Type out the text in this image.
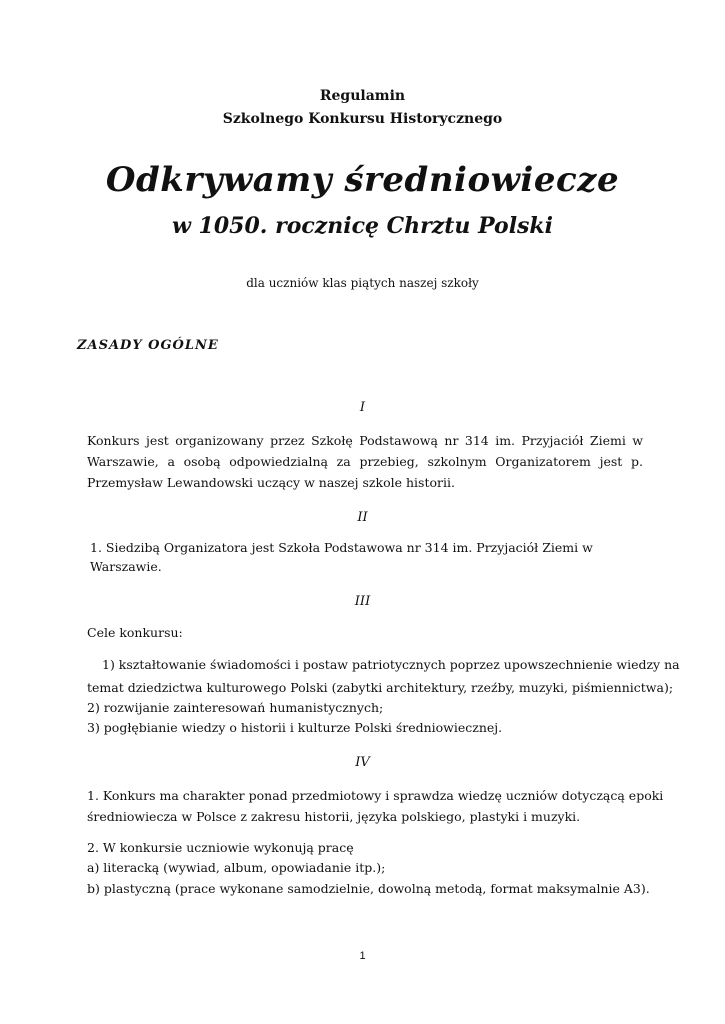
Regulamin
Szkolnego Konkursu Historycznego
Odkrywamy średniowiecze
w 1050. rocznicę Chrztu Polski
dla uczniów klas piątych naszej szkoły
ZASADY OGÓLNE
I
Konkurs jest organizowany przez Szkołę Podstawową nr 314 im. Przyjaciół Ziemi w Warszawie, a osobą odpowiedzialną za przebieg, szkolnym Organizatorem jest p. Przemysław Lewandowski uczący w naszej szkole historii.
II
1. Siedzibą Organizatora jest Szkoła Podstawowa nr 314 im. Przyjaciół Ziemi w
Warszawie.
III
Cele konkursu:
1) kształtowanie świadomości i postaw patriotycznych poprzez upowszechnienie wiedzy na
temat dziedzictwa kulturowego Polski (zabytki architektury, rzeźby, muzyki, piśmiennictwa);
2) rozwijanie zainteresowań humanistycznych;
3) pogłębianie wiedzy o historii i kulturze Polski średniowiecznej.
IV
1. Konkurs ma charakter ponad przedmiotowy i sprawdza wiedzę uczniów dotyczącą epoki
średniowiecza w Polsce z zakresu historii, języka polskiego, plastyki i muzyki.
2. W konkursie uczniowie wykonują pracę
a) literacką (wywiad, album, opowiadanie itp.);
b) plastyczną (prace wykonane samodzielnie, dowolną metodą, format maksymalnie A3).
1
